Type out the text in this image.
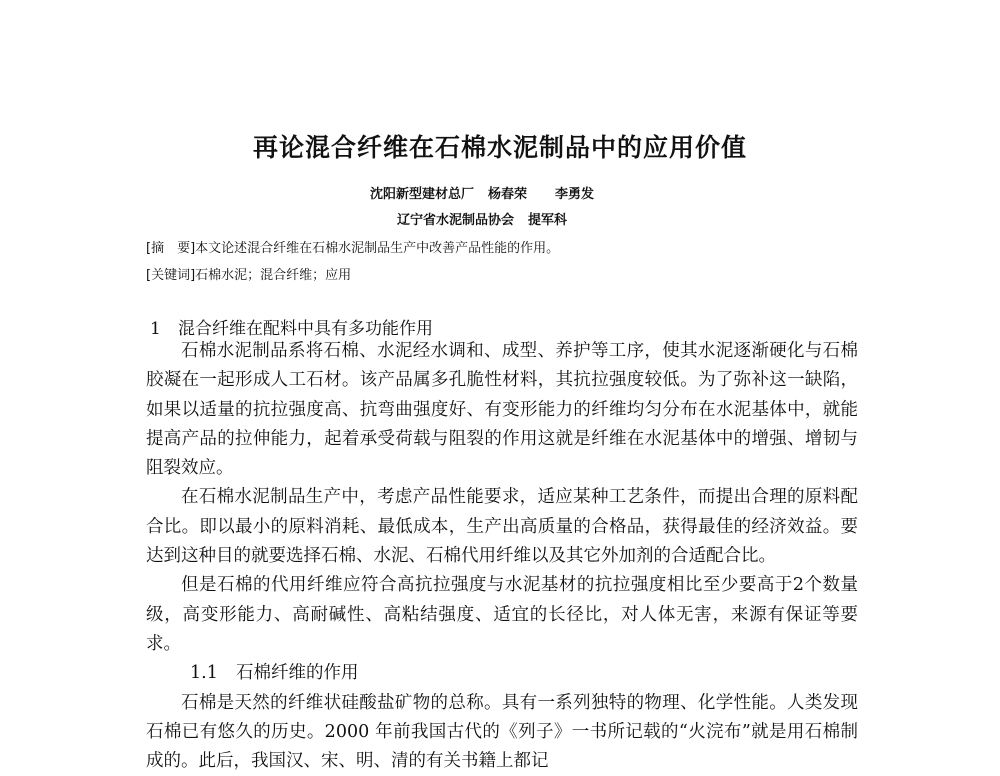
再论混合纤维在石棉水泥制品中的应用价值
沈阳新型建材总厂 杨春荣 李勇发
辽宁省水泥制品协会 提军科
[摘　要]本文论述混合纤维在石棉水泥制品生产中改善产品性能的作用。
[关键词]石棉水泥；混合纤维；应用
1 混合纤维在配料中具有多功能作用

石棉水泥制品系将石棉、水泥经水调和、成型、养护等工序，使其水泥逐渐硬化与石棉胶凝在一起形成人工石材。该产品属多孔脆性材料，其抗拉强度较低。为了弥补这一缺陷，如果以适量的抗拉强度高、抗弯曲强度好、有变形能力的纤维均匀分布在水泥基体中，就能提高产品的拉伸能力，起着承受荷载与阻裂的作用这就是纤维在水泥基体中的增强、增韧与阻裂效应。

在石棉水泥制品生产中，考虑产品性能要求，适应某种工艺条件，而提出合理的原料配合比。即以最小的原料消耗、最低成本，生产出高质量的合格品，获得最佳的经济效益。要达到这种目的就要选择石棉、水泥、石棉代用纤维以及其它外加剂的合适配合比。

但是石棉的代用纤维应符合高抗拉强度与水泥基材的抗拉强度相比至少要高于2个数量级，高变形能力、高耐碱性、高粘结强度、适宜的长径比，对人体无害，来源有保证等要求。

1.1 石棉纤维的作用

石棉是天然的纤维状硅酸盐矿物的总称。具有一系列独特的物理、化学性能。人类发现石棉已有悠久的历史。2000 年前我国古代的《列子》一书所记载的“火浣布”就是用石棉制成的。此后，我国汉、宋、明、清的有关书籍上都记
